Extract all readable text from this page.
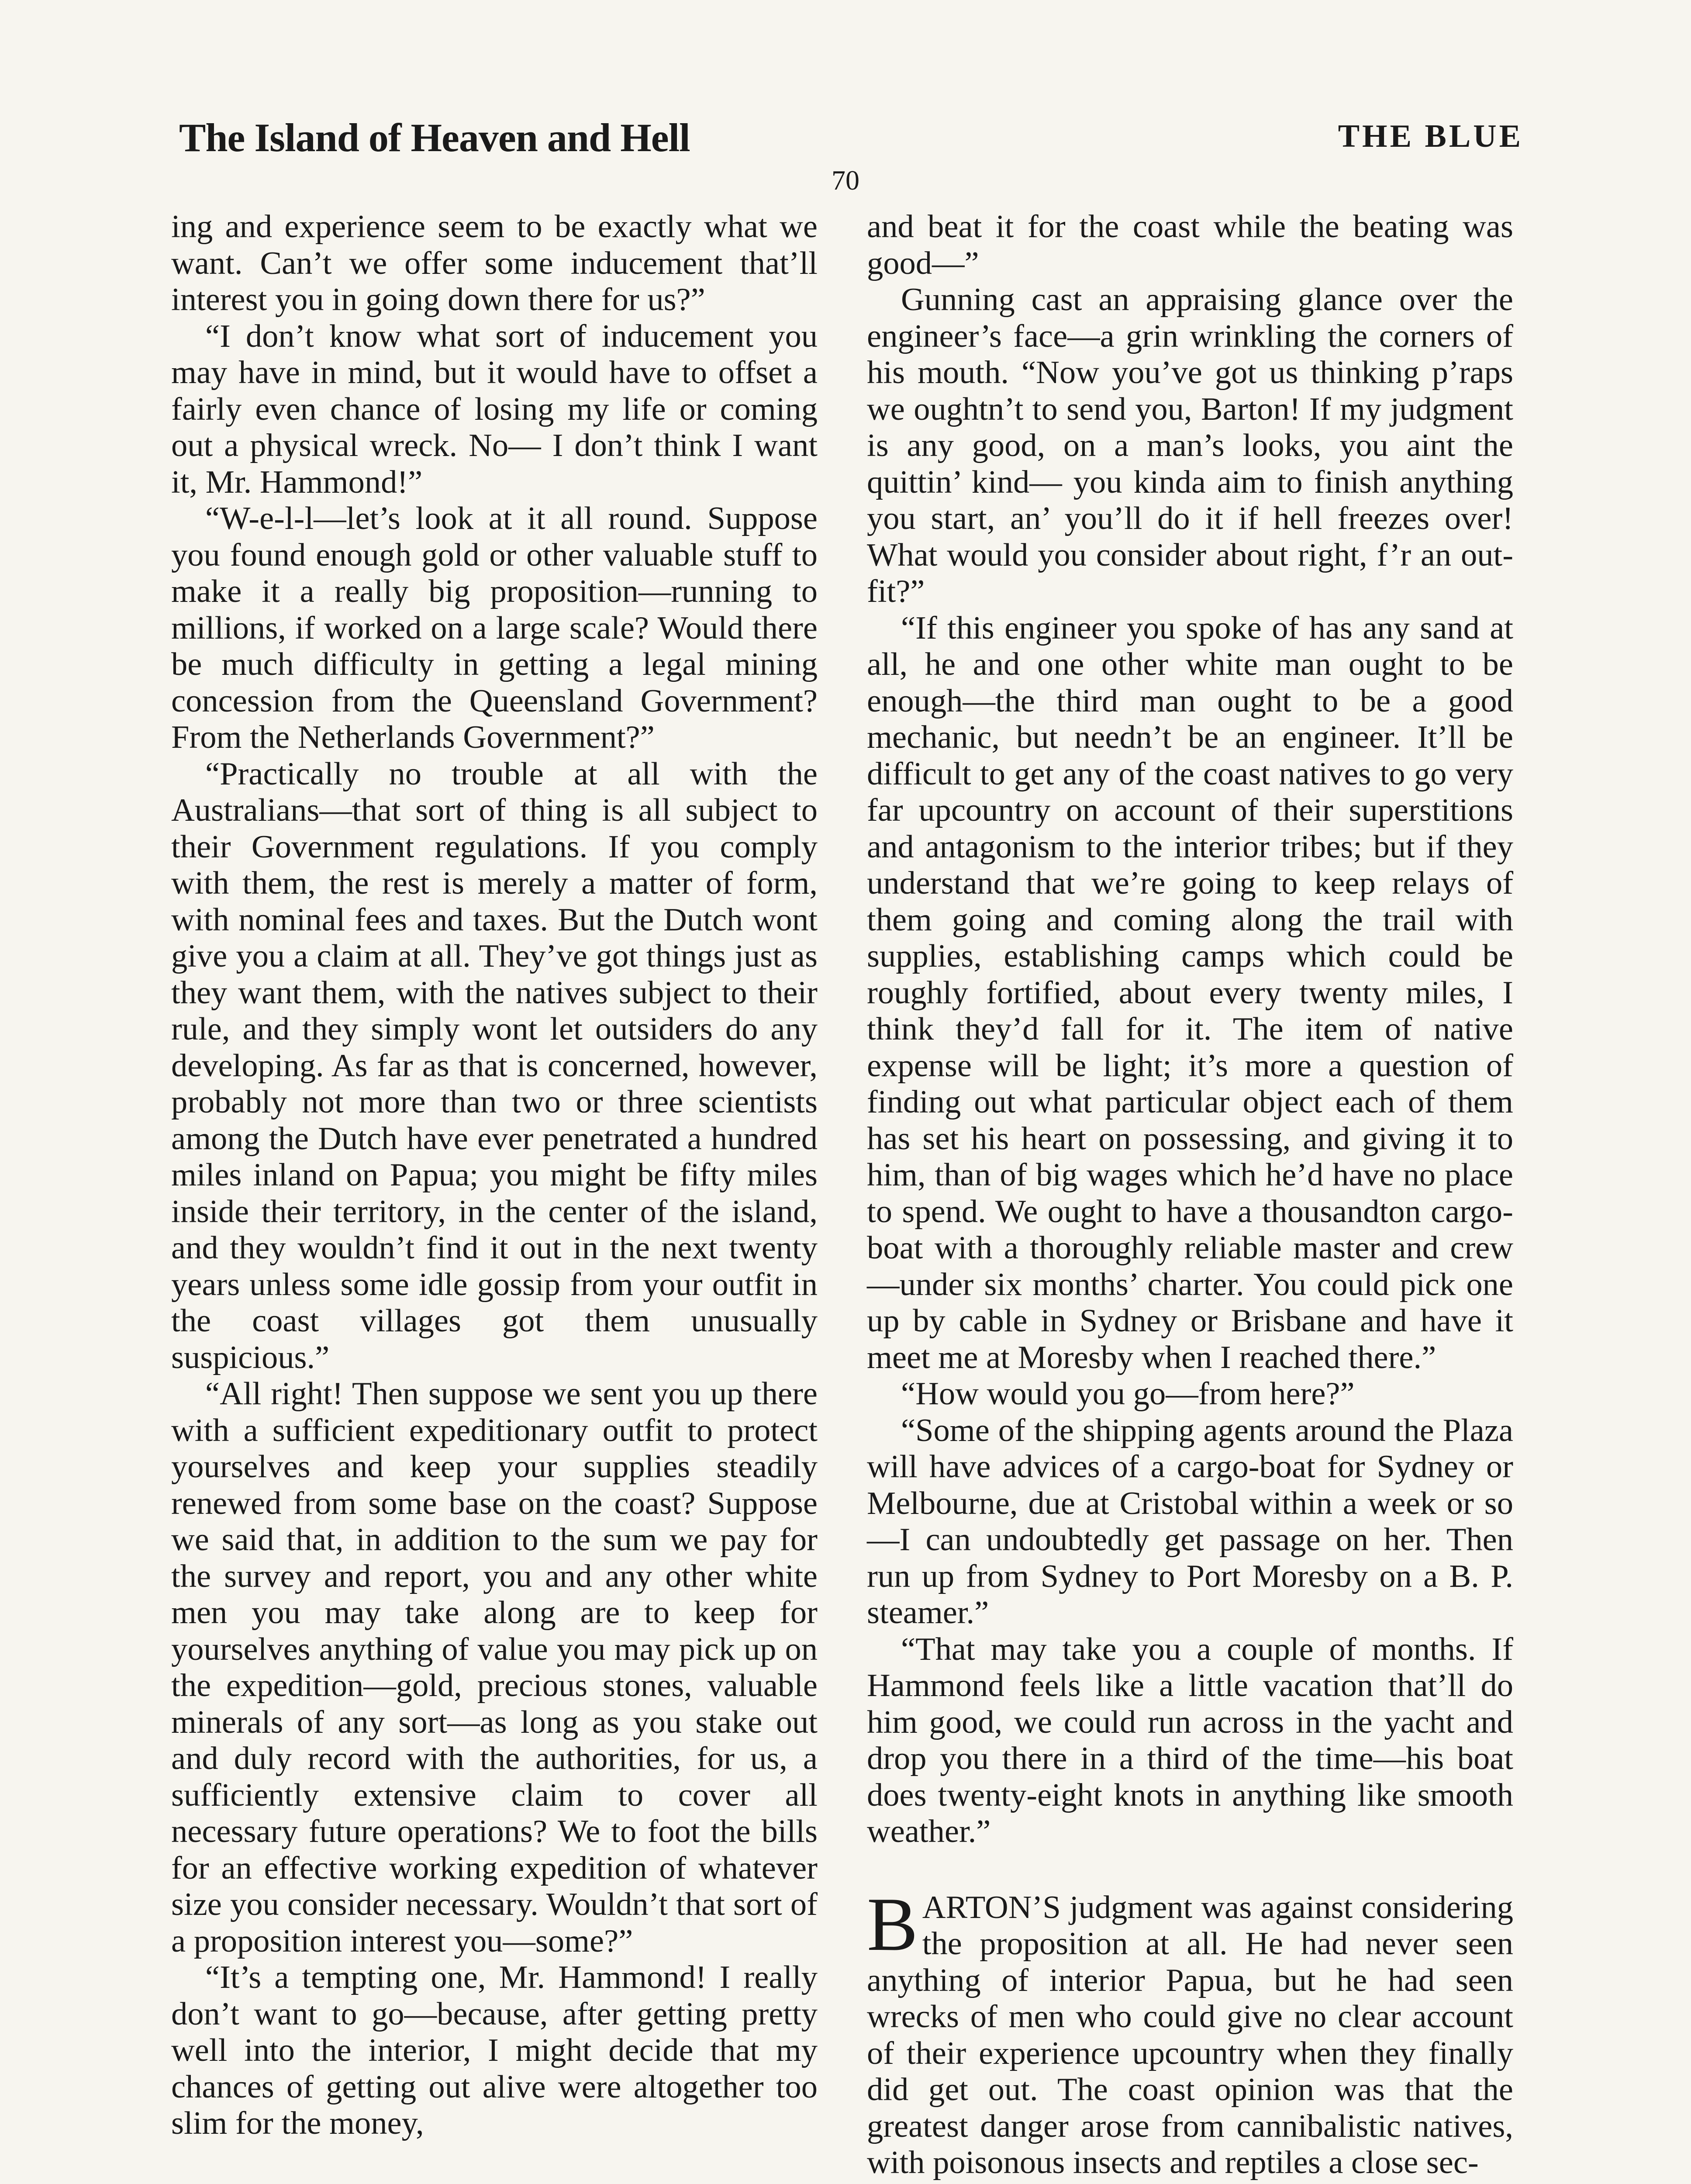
The Island of Heaven and Hell	THE BLUE
70

ing and experience seem to be exactly what we want. Can’t we offer some inducement that’ll interest you in going down there for us?”

“I don’t know what sort of inducement you may have in mind, but it would have to offset a fairly even chance of losing my life or coming out a physical wreck. No— I don’t think I want it, Mr. Hammond!”

“W-e-l-l—let’s look at it all round. Suppose you found enough gold or other valuable stuff to make it a really big proposition—running to millions, if worked on a large scale? Would there be much difficulty in getting a legal mining concession from the Queensland Government? From the Netherlands Government?”

“Practically no trouble at all with the Australians—that sort of thing is all subject to their Government regulations. If you comply with them, the rest is merely a matter of form, with nominal fees and taxes. But the Dutch wont give you a claim at all. They’ve got things just as they want them, with the natives subject to their rule, and they simply wont let outsiders do any developing. As far as that is concerned, however, probably not more than two or three scientists among the Dutch have ever penetrated a hundred miles inland on Papua; you might be fifty miles inside their territory, in the center of the island, and they wouldn’t find it out in the next twenty years unless some idle gossip from your outfit in the coast villages got them unusually suspicious.”

“All right! Then suppose we sent you up there with a sufficient expeditionary outfit to protect yourselves and keep your supplies steadily renewed from some base on the coast? Suppose we said that, in addition to the sum we pay for the survey and report, you and any other white men you may take along are to keep for yourselves anything of value you may pick up on the expedition—gold, precious stones, valuable minerals of any sort—as long as you stake out and duly record with the authorities, for us, a sufficiently extensive claim to cover all necessary future operations? We to foot the bills for an effective working expedition of whatever size you consider necessary. Wouldn’t that sort of a proposition interest you—some?”

“It’s a tempting one, Mr. Hammond! I really don’t want to go—because, after getting pretty well into the interior, I might decide that my chances of getting out alive were altogether too slim for the money,

and beat it for the coast while the beating was good—”

Gunning cast an appraising glance over the engineer’s face—a grin wrinkling the corners of his mouth. “Now you’ve got us thinking p’raps we oughtn’t to send you, Barton! If my judgment is any good, on a man’s looks, you aint the quittin’ kind— you kinda aim to finish anything you start, an’ you’ll do it if hell freezes over! What would you consider about right, f’r an outfit?”

“If this engineer you spoke of has any sand at all, he and one other white man ought to be enough—the third man ought to be a good mechanic, but needn’t be an engineer. It’ll be difficult to get any of the coast natives to go very far upcountry on account of their superstitions and antagonism to the interior tribes; but if they understand that we’re going to keep relays of them going and coming along the trail with supplies, establishing camps which could be roughly fortified, about every twenty miles, I think they’d fall for it. The item of native expense will be light; it’s more a question of finding out what particular object each of them has set his heart on possessing, and giving it to him, than of big wages which he’d have no place to spend. We ought to have a thousandton cargo-boat with a thoroughly reliable master and crew—under six months’ charter. You could pick one up by cable in Sydney or Brisbane and have it meet me at Moresby when I reached there.”

“How would you go—from here?”

“Some of the shipping agents around the Plaza will have advices of a cargo-boat for Sydney or Melbourne, due at Cristobal within a week or so—I can undoubtedly get passage on her. Then run up from Sydney to Port Moresby on a B. P. steamer.”

“That may take you a couple of months. If Hammond feels like a little vacation that’ll do him good, we could run across in the yacht and drop you there in a third of the time—his boat does twenty-eight knots in anything like smooth weather.”

BARTON’S judgment was against considering the proposition at all. He had never seen anything of interior Papua, but he had seen wrecks of men who could give no clear account of their experience upcountry when they finally did get out. The coast opinion was that the greatest danger arose from cannibalistic natives, with poisonous insects and reptiles a close sec-
